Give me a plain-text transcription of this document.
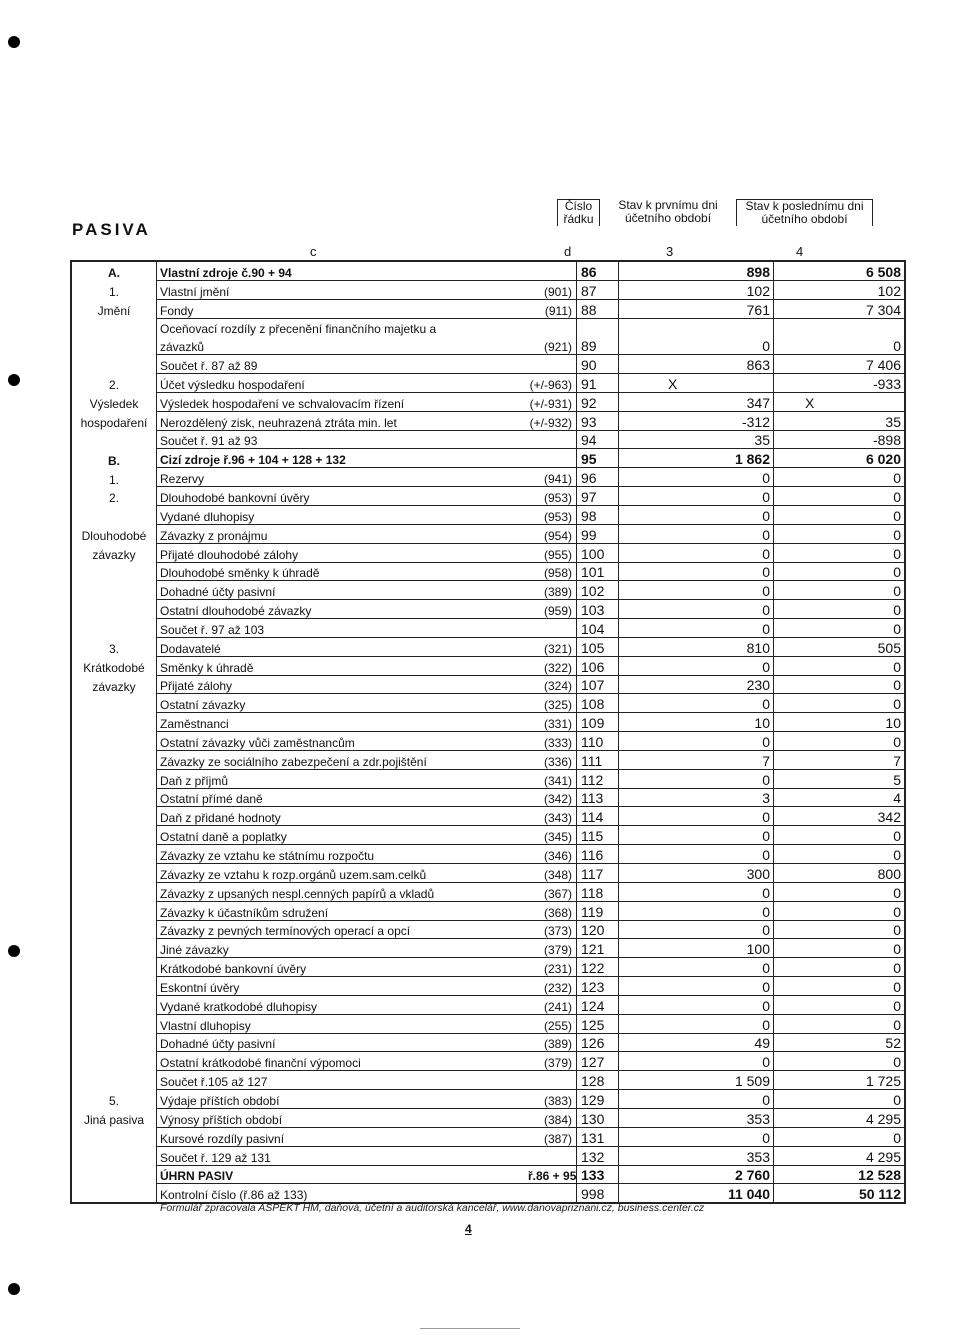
PASIVA
Číslo řádku
Stav k prvnímu dni účetního období
Stav k poslednímu dni účetního období
c	d	3	4
A.	Vlastní zdroje č.90 + 94		86	898	6 508
1.	Vlastní jmění	(901)	87	102	102
Jmění	Fondy	(911)	88	761	7 304
	Oceňovací rozdíly z přecenění finančního majetku a				
	závazků	(921)	89	0	0
	Součet ř. 87 až 89		90	863	7 406
2.	Účet výsledku hospodaření	(+/-963)	91	X	-933
Výsledek	Výsledek hospodaření ve schvalovacím řízení	(+/-931)	92	347	X

hospodaření	Nerozdělený zisk, neuhrazená ztráta min. let	(+/-932)	93	-312	35
	Součet ř. 91 až 93		94	35	-898
B.	Cizí zdroje ř.96 + 104 + 128 + 132		95	1 862	6 020
1.	Rezervy	(941)	96	0	0
2.	Dlouhodobé bankovní úvěry	(953)	97	0	0
	Vydané dluhopisy	(953)	98	0	0
Dlouhodobé	Závazky z pronájmu	(954)	99	0	0
závazky	Přijaté dlouhodobé zálohy	(955)	100	0	0
	Dlouhodobé směnky k úhradě	(958)	101	0	0
	Dohadné účty pasivní	(389)	102	0	0
	Ostatní dlouhodobé závazky	(959)	103	0	0
	Součet ř. 97 až 103		104	0	0
3.	Dodavatelé	(321)	105	810	505
Krátkodobé	Směnky k úhradě	(322)	106	0	0
závazky	Přijaté zálohy	(324)	107	230	0
	Ostatní závazky	(325)	108	0	0
	Zaměstnanci	(331)	109	10	10
	Ostatní závazky vůči zaměstnancům	(333)	110	0	0
	Závazky ze sociálního zabezpečení a zdr.pojištění	(336)	111	7	7
	Daň z příjmů	(341)	112	0	5
	Ostatní přímé daně	(342)	113	3	4
	Daň z přidané hodnoty	(343)	114	0	342
	Ostatní daně a poplatky	(345)	115	0	0
	Závazky ze vztahu ke státnímu rozpočtu	(346)	116	0	0
	Závazky ze vztahu k rozp.orgánů uzem.sam.celků	(348)	117	300	800
	Závazky z upsaných nespl.cenných papírů a vkladů	(367)	118	0	0
	Závazky k účastníkům sdružení	(368)	119	0	0
	Závazky z pevných termínových operací a opcí	(373)	120	0	0
	Jiné závazky	(379)	121	100	0
	Krátkodobé bankovní úvěry	(231)	122	0	0
	Eskontní úvěry	(232)	123	0	0
	Vydané kratkodobé dluhopisy	(241)	124	0	0
	Vlastní dluhopisy	(255)	125	0	0
	Dohadné účty pasivní	(389)	126	49	52
	Ostatní krátkodobé finanční výpomoci	(379)	127	0	0
	Součet ř.105 až 127		128	1 509	1 725
5.	Výdaje příštích období	(383)	129	0	0
Jiná pasiva	Výnosy příštích období	(384)	130	353	4 295
	Kursové rozdíly pasivní	(387)	131	0	0
	Součet ř. 129 až 131		132	353	4 295
	ÚHRN PASIV	ř.86 + 95	133	2 760	12 528
	Kontrolní číslo (ř.86 až 133)		998	11 040	50 112
Formulář zpracovala ASPEKT HM, daňová, účetní a auditorská kancelář, www.danovapriznani.cz, business.center.cz
4
